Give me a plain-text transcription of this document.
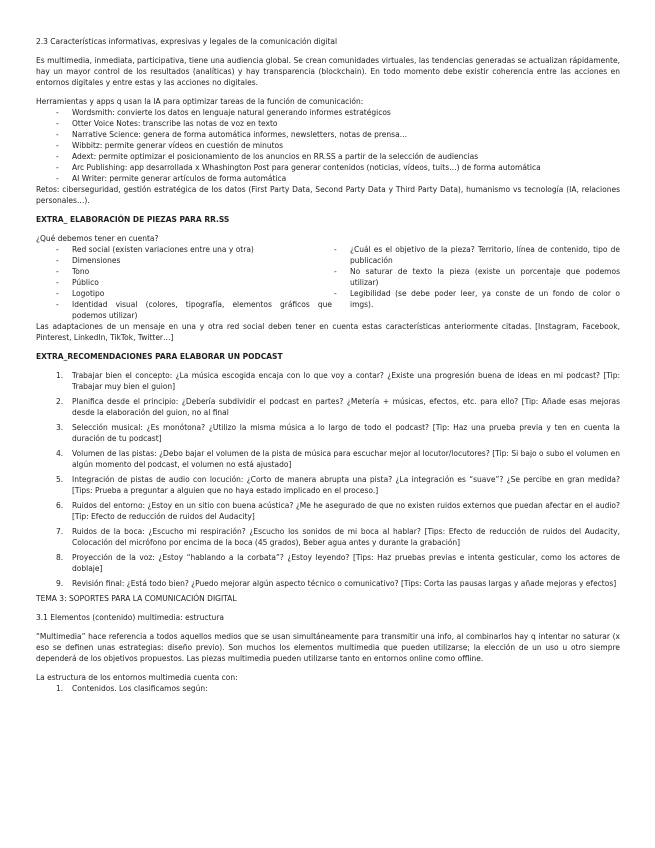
2.3 Características informativas, expresivas y legales de la comunicación digital

Es multimedia, inmediata, participativa, tiene una audiencia global. Se crean comunidades virtuales, las tendencias generadas se actualizan rápidamente, hay un mayor control de los resultados (analíticas) y hay transparencia (blockchain). En todo momento debe existir coherencia entre las acciones en entornos digitales y entre estas y las acciones no digitales.

Herramientas y apps q usan la IA para optimizar tareas de la función de comunicación:

- Wordsmith: convierte los datos en lenguaje natural generando informes estratégicos
- Otter Voice Notes: transcribe las notas de voz en texto
- Narrative Science: genera de forma automática informes, newsletters, notas de prensa…
- Wibbitz: permite generar vídeos en cuestión de minutos
- Adext: permite optimizar el posicionamiento de los anuncios en RR.SS a partir de la selección de audiencias
- Arc Publishing: app desarrollada x Whashington Post para generar contenidos (noticias, vídeos, tuits…) de forma automática
- AI Writer: permite generar artículos de forma automática

Retos: ciberseguridad, gestión estratégica de los datos (First Party Data, Second Party Data y Third Party Data), humanismo vs tecnología (IA, relaciones personales…).

EXTRA_ ELABORACIÓN DE PIEZAS PARA RR.SS

¿Qué debemos tener en cuenta?

- Red social (existen variaciones entre una y otra)
- Dimensiones
- Tono
- Público
- Logotipo
- Identidad visual (colores, tipografía, elementos gráficos que podemos utilizar)
- ¿Cuál es el objetivo de la pieza? Territorio, línea de contenido, tipo de publicación
- No saturar de texto la pieza (existe un porcentaje que podemos utilizar)
- Legibilidad (se debe poder leer, ya conste de un fondo de color o imgs).

Las adaptaciones de un mensaje en una y otra red social deben tener en cuenta estas características anteriormente citadas. [Instagram, Facebook, Pinterest, LinkedIn, TikTok, Twitter…]

EXTRA_RECOMENDACIONES PARA ELABORAR UN PODCAST

1. Trabajar bien el concepto: ¿La música escogida encaja con lo que voy a contar? ¿Existe una progresión buena de ideas en mi podcast? [Tip: Trabajar muy bien el guion]
2. Planifica desde el principio: ¿Debería subdividir el podcast en partes? ¿Metería + músicas, efectos, etc. para ello? [Tip: Añade esas mejoras desde la elaboración del guion, no al final
3. Selección musical: ¿Es monótona? ¿Utilizo la misma música a lo largo de todo el podcast? [Tip: Haz una prueba previa y ten en cuenta la duración de tu podcast]
4. Volumen de las pistas: ¿Debo bajar el volumen de la pista de música para escuchar mejor al locutor/locutores? [Tip: Si bajo o subo el volumen en algún momento del podcast, el volumen no está ajustado]
5. Integración de pistas de audio con locución: ¿Corto de manera abrupta una pista? ¿La integración es “suave”? ¿Se percibe en gran medida? [Tips: Prueba a preguntar a alguien que no haya estado implicado en el proceso.]
6. Ruidos del entorno: ¿Estoy en un sitio con buena acústica? ¿Me he asegurado de que no existen ruidos externos que puedan afectar en el audio? [Tip: Efecto de reducción de ruidos del Audacity]
7. Ruidos de la boca: ¿Escucho mi respiración? ¿Escucho los sonidos de mi boca al hablar? [Tips: Efecto de reducción de ruidos del Audacity, Colocación del micrófono por encima de la boca (45 grados), Beber agua antes y durante la grabación]
8. Proyección de la voz: ¿Estoy “hablando a la corbata”? ¿Estoy leyendo? [Tips: Haz pruebas previas e intenta gesticular, como los actores de doblaje]
9. Revisión final: ¿Está todo bien? ¿Puedo mejorar algún aspecto técnico o comunicativo? [Tips: Corta las pausas largas y añade mejoras y efectos]

TEMA 3: SOPORTES PARA LA COMUNICACIÓN DIGITAL

3.1 Elementos (contenido) multimedia: estructura

“Multimedia” hace referencia a todos aquellos medios que se usan simultáneamente para transmitir una info, al combinarlos hay q intentar no saturar (x eso se definen unas estrategias: diseño previo). Son muchos los elementos multimedia que pueden utilizarse; la elección de un uso u otro siempre dependerá de los objetivos propuestos. Las piezas multimedia pueden utilizarse tanto en entornos online como offline.

La estructura de los entornos multimedia cuenta con:

1. Contenidos. Los clasificamos según:
